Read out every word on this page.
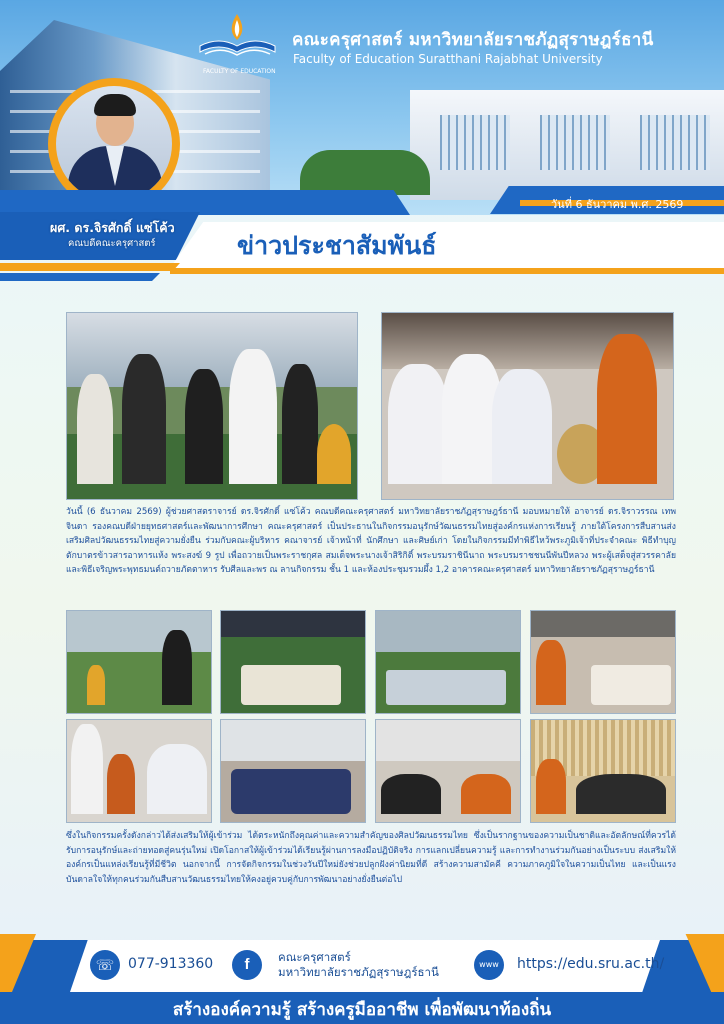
FACULTY OF EDUCATION
คณะครุศาสตร์ มหาวิทยาลัยราชภัฏสุราษฎร์ธานี
Faculty of Education Suratthani Rajabhat University
วันที่ 6 ธันวาคม พ.ศ. 2569
ผศ. ดร.จิรศักดิ์ แซ่โค้ว
คณบดีคณะครุศาสตร์	ข่าวประชาสัมพันธ์

วันนี้ (6 ธันวาคม 2569) ผู้ช่วยศาสตราจารย์ ดร.จิรศักดิ์ แซ่โค้ว คณบดีคณะครุศาสตร์ มหาวิทยาลัยราชภัฏสุราษฎร์ธานี มอบหมายให้ อาจารย์ ดร.จิราวรรณ เทพจินดา รองคณบดีฝ่ายยุทธศาสตร์และพัฒนาการศึกษา คณะครุศาสตร์ เป็นประธานในกิจกรรมอนุรักษ์วัฒนธรรมไทยสู่องค์กรแห่งการเรียนรู้ ภายใต้โครงการสืบสานส่งเสริมศิลปวัฒนธรรมไทยสู่ความยั่งยืน ร่วมกับคณะผู้บริหาร คณาจารย์ เจ้าหน้าที่ นักศึกษา และศิษย์เก่า โดยในกิจกรรมมีทำพิธีไหว้พระภูมิเจ้าที่ประจำคณะ พิธีทำบุญตักบาตรข้าวสารอาหารแห้ง พระสงฆ์ 9 รูป เพื่อถวายเป็นพระราชกุศล สมเด็จพระนางเจ้าสิริกิติ์ พระบรมราชินีนาถ พระบรมราชชนนีพันปีหลวง พระผู้เสด็จสู่สวรรคาลัย และพิธีเจริญพระพุทธมนต์ถวายภัตตาหาร รับศีลและพร ณ ลานกิจกรรม ชั้น 1 และห้องประชุมรวมผึ้ง 1,2 อาคารคณะครุศาสตร์ มหาวิทยาลัยราชภัฏสุราษฎร์ธานี

ซึ่งในกิจกรรมครั้งดังกล่าวได้ส่งเสริมให้ผู้เข้าร่วม ได้ตระหนักถึงคุณค่าและความสำคัญของศิลปวัฒนธรรมไทย ซึ่งเป็นรากฐานของความเป็นชาติและอัตลักษณ์ที่ควรได้รับการอนุรักษ์และถ่ายทอดสู่คนรุ่นใหม่ เปิดโอกาสให้ผู้เข้าร่วมได้เรียนรู้ผ่านการลงมือปฏิบัติจริง การแลกเปลี่ยนความรู้ และการทำงานร่วมกันอย่างเป็นระบบ ส่งเสริมให้องค์กรเป็นแหล่งเรียนรู้ที่มีชีวิต นอกจากนี้ การจัดกิจกรรมในช่วงวันปีใหม่ยังช่วยปลูกฝังค่านิยมที่ดี สร้างความสามัคคี ความภาคภูมิใจในความเป็นไทย และเป็นแรงบันดาลใจให้ทุกคนร่วมกันสืบสานวัฒนธรรมไทยให้คงอยู่ควบคู่กับการพัฒนาอย่างยั่งยืนต่อไป

☏ 077-913360	f	คณะครุศาสตร์
มหาวิทยาลัยราชภัฏสุราษฎร์ธานี
www	https://edu.sru.ac.th/
สร้างองค์ความรู้ สร้างครูมืออาชีพ เพื่อพัฒนาท้องถิ่น
